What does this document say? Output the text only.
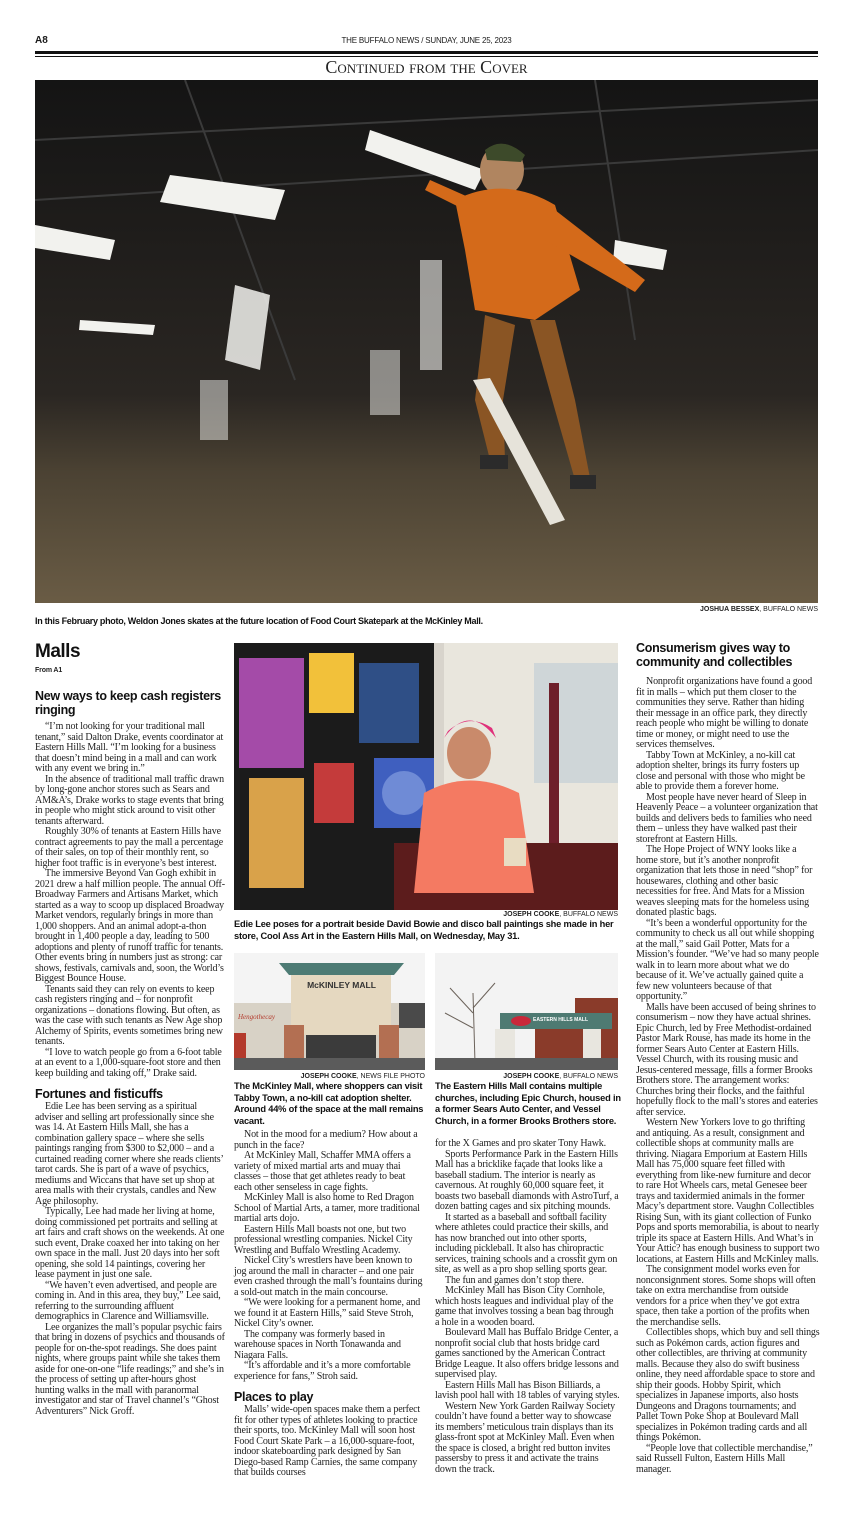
A8	THE BUFFALO NEWS / SUNDAY, JUNE 25, 2023
Continued from the Cover
JOSHUA BESSEX, BUFFALO NEWS
In this February photo, Weldon Jones skates at the future location of Food Court Skatepark at the McKinley Mall.
Malls
From A1
New ways to keep cash registers ringing

“I’m not looking for your traditional mall tenant,” said Dalton Drake, events coordinator at Eastern Hills Mall. “I’m looking for a business that doesn’t mind being in a mall and can work with any event we bring in.”

In the absence of traditional mall traffic drawn by long-gone anchor stores such as Sears and AM&A’s, Drake works to stage events that bring in people who might stick around to visit other tenants afterward.

Roughly 30% of tenants at Eastern Hills have contract agreements to pay the mall a percentage of their sales, on top of their monthly rent, so higher foot traffic is in everyone’s best interest.

The immersive Beyond Van Gogh exhibit in 2021 drew a half million people. The annual Off-Broadway Farmers and Artisans Market, which started as a way to scoop up displaced Broadway Market vendors, regularly brings in more than 1,000 shoppers. And an animal adopt-a-thon brought in 1,400 people a day, leading to 500 adoptions and plenty of runoff traffic for tenants. Other events bring in numbers just as strong: car shows, festivals, carnivals and, soon, the World’s Biggest Bounce House.

Tenants said they can rely on events to keep cash registers ringing and – for nonprofit organizations – donations flowing. But often, as was the case with such tenants as New Age shop Alchemy of Spirits, events sometimes bring new tenants.

“I love to watch people go from a 6-foot table at an event to a 1,000-square-foot store and then keep building and taking off,” Drake said.

Fortunes and fisticuffs

Edie Lee has been serving as a spiritual adviser and selling art professionally since she was 14. At Eastern Hills Mall, she has a combination gallery space – where she sells paintings ranging from $300 to $2,000 – and a curtained reading corner where she reads clients’ tarot cards. She is part of a wave of psychics, mediums and Wiccans that have set up shop at area malls with their crystals, candles and New Age philosophy.

Typically, Lee had made her living at home, doing commissioned pet portraits and selling at art fairs and craft shows on the weekends. At one such event, Drake coaxed her into taking on her own space in the mall. Just 20 days into her soft opening, she sold 14 paintings, covering her lease payment in just one sale.

“We haven’t even advertised, and people are coming in. And in this area, they buy,” Lee said, referring to the surrounding affluent demographics in Clarence and Williamsville.

Lee organizes the mall’s popular psychic fairs that bring in dozens of psychics and thousands of people for on-the-spot readings. She does paint nights, where groups paint while she takes them aside for one-on-one “life readings;” and she’s in the process of setting up after-hours ghost hunting walks in the mall with paranormal investigator and star of Travel channel’s “Ghost Adventurers” Nick Groff.

JOSEPH COOKE, BUFFALO NEWS
Edie Lee poses for a portrait beside David Bowie and disco ball paintings she made in her store, Cool Ass Art in the Eastern Hills Mall, on Wednesday, May 31.
Hengothecay
McKINLEY MALL
JOSEPH COOKE, NEWS FILE PHOTO
The McKinley Mall, where shoppers can visit Tabby Town, a no-kill cat adoption shelter. Around 44% of the space at the mall remains vacant.
EASTERN HILLS MALL
JOSEPH COOKE, BUFFALO NEWS
The Eastern Hills Mall contains multiple churches, including Epic Church, housed in a former Sears Auto Center, and Vessel Church, in a former Brooks Brothers store.

Not in the mood for a medium? How about a punch in the face?

At McKinley Mall, Schaffer MMA offers a variety of mixed martial arts and muay thai classes – those that get athletes ready to beat each other senseless in cage fights.

McKinley Mall is also home to Red Dragon School of Martial Arts, a tamer, more traditional martial arts dojo.

Eastern Hills Mall boasts not one, but two professional wrestling companies. Nickel City Wrestling and Buffalo Wrestling Academy.

Nickel City’s wrestlers have been known to jog around the mall in character – and one pair even crashed through the mall’s fountains during a sold-out match in the main concourse.

“We were looking for a permanent home, and we found it at Eastern Hills,” said Steve Stroh, Nickel City’s owner.

The company was formerly based in warehouse spaces in North Tonawanda and Niagara Falls.

“It’s affordable and it’s a more comfortable experience for fans,” Stroh said.

Places to play

Malls’ wide-open spaces make them a perfect fit for other types of athletes looking to practice their sports, too. McKinley Mall will soon host Food Court Skate Park – a 16,000-square-foot, indoor skateboarding park designed by San Diego-based Ramp Carnies, the same company that builds courses

for the X Games and pro skater Tony Hawk.

Sports Performance Park in the Eastern Hills Mall has a bricklike façade that looks like a baseball stadium. The interior is nearly as cavernous. At roughly 60,000 square feet, it boasts two baseball diamonds with AstroTurf, a dozen batting cages and six pitching mounds.

It started as a baseball and softball facility where athletes could practice their skills, and has now branched out into other sports, including pickleball. It also has chiropractic services, training schools and a crossfit gym on site, as well as a pro shop selling sports gear.

The fun and games don’t stop there.

McKinley Mall has Bison City Cornhole, which hosts leagues and individual play of the game that involves tossing a bean bag through a hole in a wooden board.

Boulevard Mall has Buffalo Bridge Center, a nonprofit social club that hosts bridge card games sanctioned by the American Contract Bridge League. It also offers bridge lessons and supervised play.

Eastern Hills Mall has Bison Billiards, a lavish pool hall with 18 tables of varying styles.

Western New York Garden Railway Society couldn’t have found a better way to showcase its members’ meticulous train displays than its glass-front spot at McKinley Mall. Even when the space is closed, a bright red button invites passersby to press it and activate the trains down the track.

Consumerism gives way to community and collectibles

Nonprofit organizations have found a good fit in malls – which put them closer to the communities they serve. Rather than hiding their message in an office park, they directly reach people who might be willing to donate time or money, or might need to use the services themselves.

Tabby Town at McKinley, a no-kill cat adoption shelter, brings its furry fosters up close and personal with those who might be able to provide them a forever home.

Most people have never heard of Sleep in Heavenly Peace – a volunteer organization that builds and delivers beds to families who need them – unless they have walked past their storefront at Eastern Hills.

The Hope Project of WNY looks like a home store, but it’s another nonprofit organization that lets those in need “shop” for housewares, clothing and other basic necessities for free. And Mats for a Mission weaves sleeping mats for the homeless using donated plastic bags.

“It’s been a wonderful opportunity for the community to check us all out while shopping at the mall,” said Gail Potter, Mats for a Mission’s founder. “We’ve had so many people walk in to learn more about what we do because of it. We’ve actually gained quite a few new volunteers because of that opportunity.”

Malls have been accused of being shrines to consumerism – now they have actual shrines. Epic Church, led by Free Methodist-ordained Pastor Mark Rouse, has made its home in the former Sears Auto Center at Eastern Hills. Vessel Church, with its rousing music and Jesus-centered message, fills a former Brooks Brothers store. The arrangement works: Churches bring their flocks, and the faithful hopefully flock to the mall’s stores and eateries after service.

Western New Yorkers love to go thrifting and antiquing. As a result, consignment and collectible shops at community malls are thriving. Niagara Emporium at Eastern Hills Mall has 75,000 square feet filled with everything from like-new furniture and decor to rare Hot Wheels cars, metal Genesee beer trays and taxidermied animals in the former Macy’s department store. Vaughn Collectibles Rising Sun, with its giant collection of Funko Pops and sports memorabilia, is about to nearly triple its space at Eastern Hills. And What’s in Your Attic? has enough business to support two locations, at Eastern Hills and McKinley malls.

The consignment model works even for nonconsignment stores. Some shops will often take on extra merchandise from outside vendors for a price when they’ve got extra space, then take a portion of the profits when the merchandise sells.

Collectibles shops, which buy and sell things such as Pokémon cards, action figures and other collectibles, are thriving at community malls. Because they also do swift business online, they need affordable space to store and ship their goods. Hobby Spirit, which specializes in Japanese imports, also hosts Dungeons and Dragons tournaments; and Pallet Town Poke Shop at Boulevard Mall specializes in Pokémon trading cards and all things Pokémon.

“People love that collectible merchandise,” said Russell Fulton, Eastern Hills Mall manager.
